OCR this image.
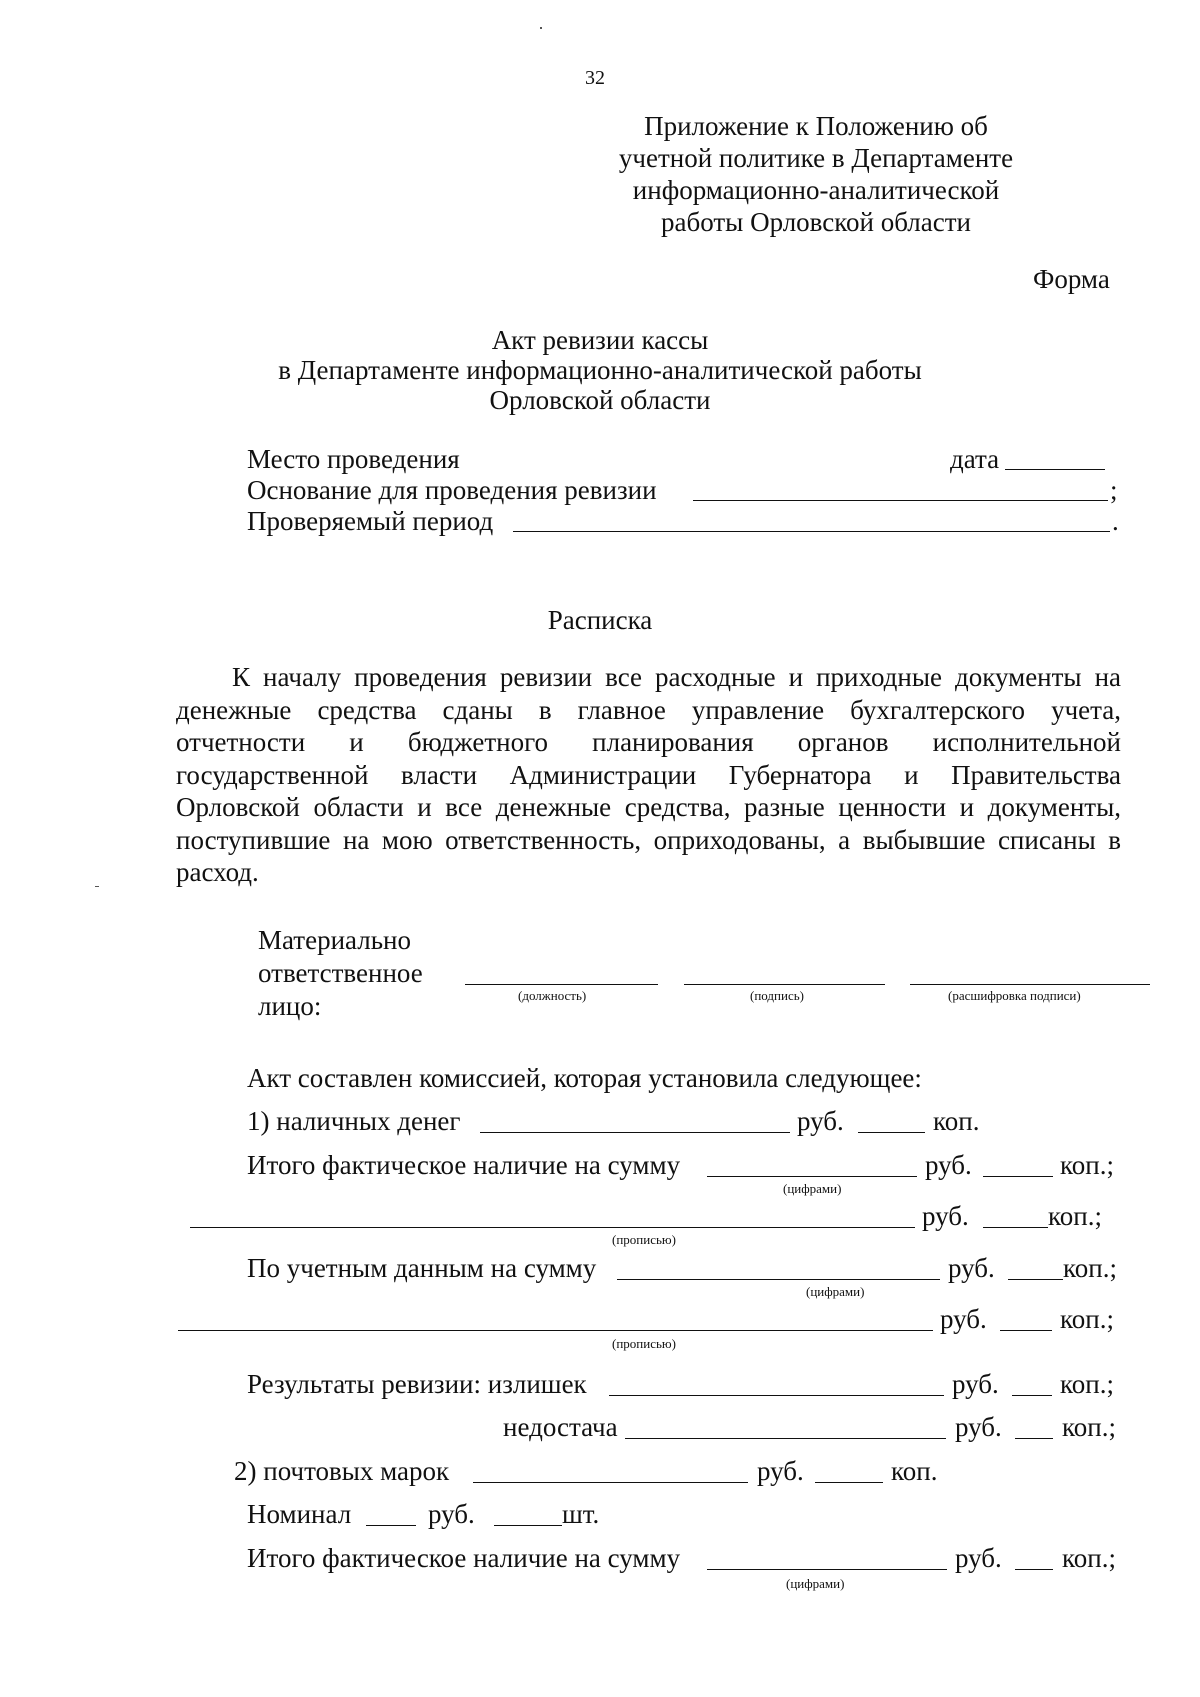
32
Приложение к Положению об
учетной политике в Департаменте
информационно-аналитической
работы Орловской области
Форма
Акт ревизии кассы
в Департаменте информационно-аналитической работы
Орловской области
Место проведения	дата
Основание для проведения ревизии	;
Проверяемый период	.
Расписка
К началу проведения ревизии все расходные и приходные документы на денежные средства сданы в главное управление бухгалтерского учета, отчетности и бюджетного планирования органов исполнительной государственной власти Администрации Губернатора и Правительства Орловской области и все денежные средства, разные ценности и документы, поступившие на мою ответственность, оприходованы, а выбывшие списаны в расход.
Материально
ответственное
лицо:	(должность)	(подпись)	(расшифровка подписи)
Акт составлен комиссией, которая установила следующее:
1) наличных денег	руб.	коп.
Итого фактическое наличие на сумму	руб.	коп.;
(цифрами)
руб.	коп.;
(прописью)
По учетным данным на сумму	руб.	коп.;
(цифрами)
руб.	коп.;
(прописью)
Результаты ревизии: излишек	руб. коп.;
недостача	руб. коп.;
2) почтовых марок	руб.	коп.
Номинал	руб.	шт.
Итого фактическое наличие на сумму	руб. коп.;
(цифрами)
